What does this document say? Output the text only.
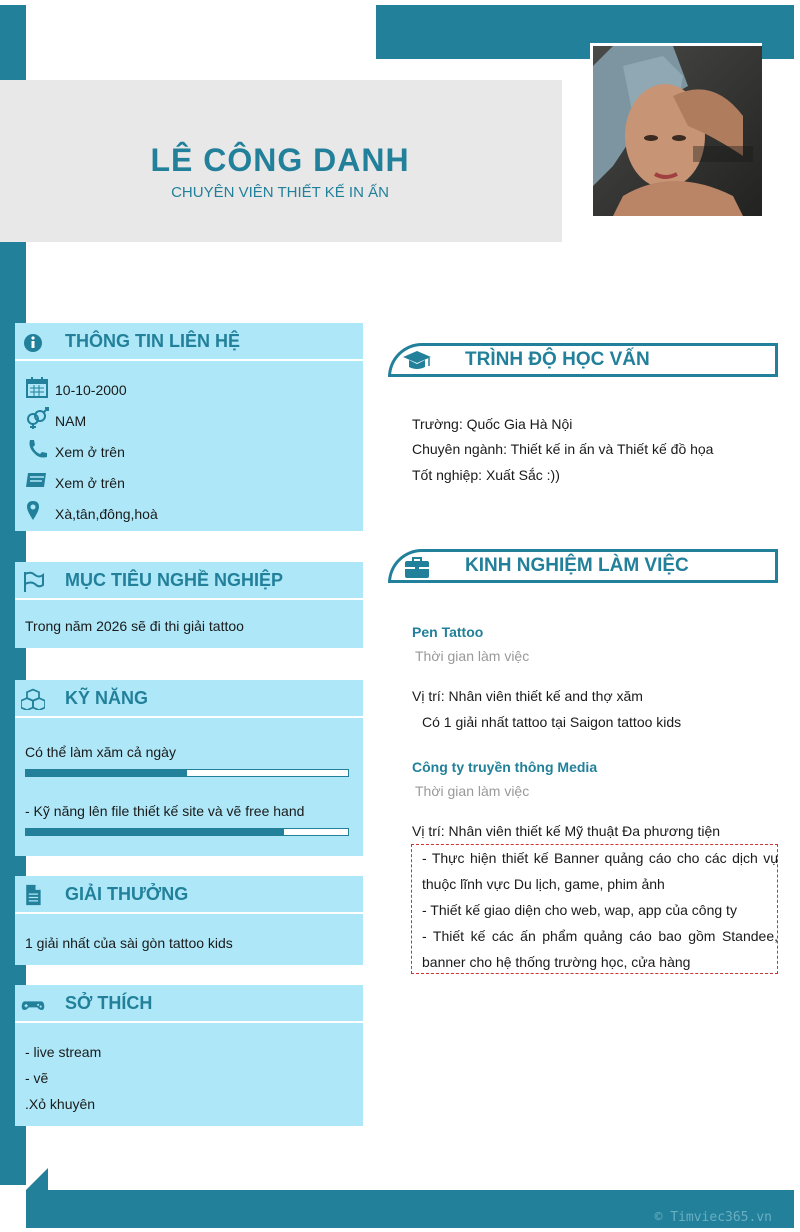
LÊ CÔNG DANH
CHUYÊN VIÊN THIẾT KẾ IN ẤN
THÔNG TIN LIÊN HỆ
10-10-2000
NAM
Xem ở trên
Xem ở trên
Xà,tân,đông,hoà
MỤC TIÊU NGHỀ NGHIỆP
Trong năm 2026 sẽ đi thi giải tattoo
KỸ NĂNG
Có thể làm xăm cả ngày
- Kỹ năng lên file thiết kế site và vẽ free hand
GIẢI THƯỞNG
1 giải nhất của sài gòn tattoo kids
SỞ THÍCH
- live stream
- vẽ
.Xỏ khuyên
TRÌNH ĐỘ HỌC VẤN
Trường: Quốc Gia Hà Nội
Chuyên ngành: Thiết kế in ấn và Thiết kế đồ họa
Tốt nghiệp: Xuất Sắc :))
KINH NGHIỆM LÀM VIỆC
Pen Tattoo
Thời gian làm việc
Vị trí: Nhân viên thiết kế and thợ xăm
Có 1 giải nhất tattoo tại Saigon tattoo kids
Công ty truyền thông Media
Thời gian làm việc
Vị trí: Nhân viên thiết kế Mỹ thuật Đa phương tiện
- Thực hiện thiết kế Banner quảng cáo cho các dịch vụ
thuộc lĩnh vực Du lịch, game, phim ảnh
- Thiết kế giao diện cho web, wap, app của công ty
- Thiết kế các ấn phẩm quảng cáo bao gồm Standee,
banner cho hệ thống trường học, cửa hàng
© Timviec365.vn
